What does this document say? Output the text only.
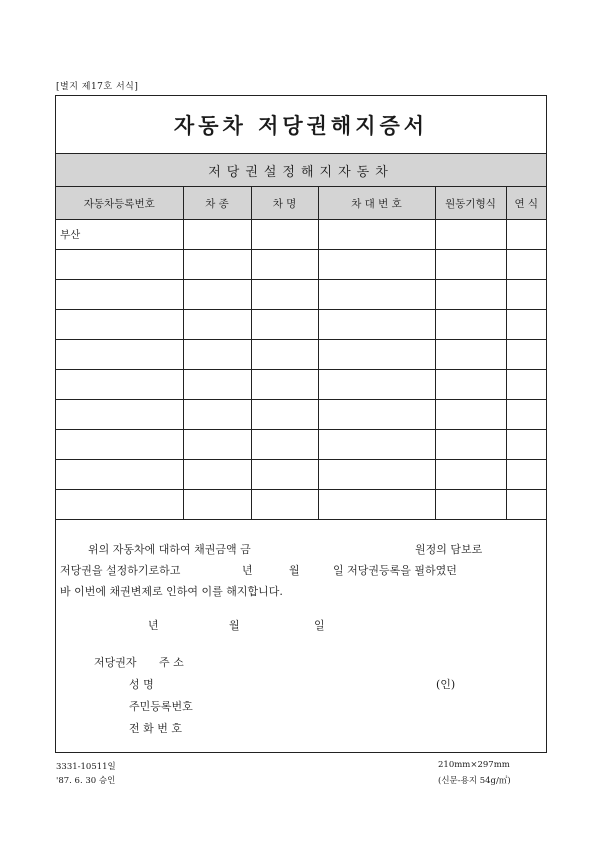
[별지 제17호 서식]
자동차 저당권해지증서
저당권설정해지자동차
자동차등록번호	차 종	차 명	차 대 번 호	원동기형식	연 식
부산					

위의 자동차에 대하여 채권금액 금	원정의 담보로
저당권을 설정하기로하고	년	월	일 저당권등록을 필하였던
바 이번에 채권변제로 인하여 이를 해지합니다.
년	월	일
저당권자 주 소
성 명	(인)
주민등록번호
전 화 번 호
3331-10511일
'87. 6. 30 승인
210mm×297mm
(신문-용지 54g/㎡)
